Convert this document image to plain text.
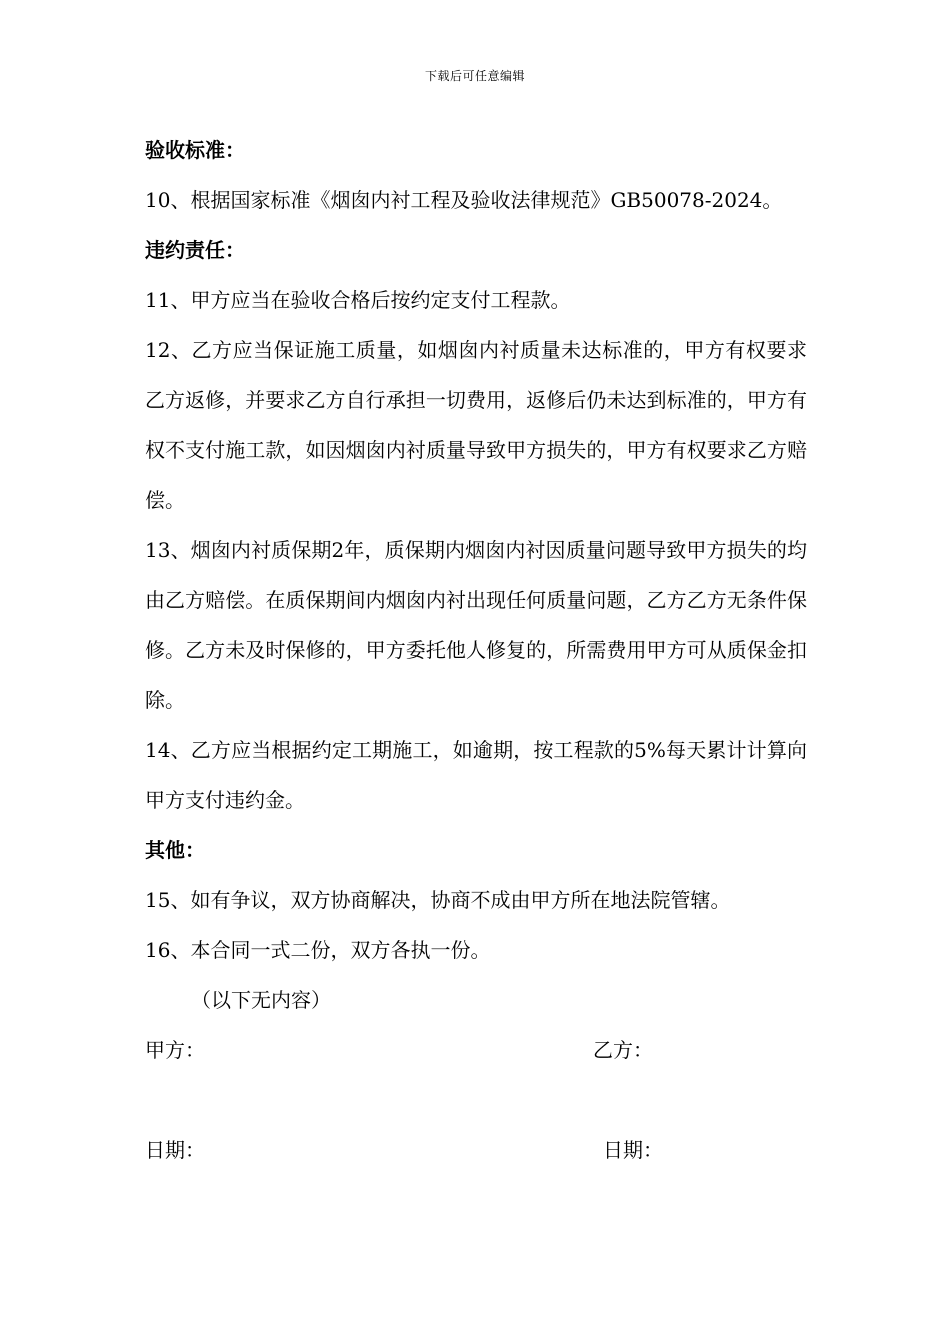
下载后可任意编辑

验收标准：

10、根据国家标准《烟囱内衬工程及验收法律规范》GB50078-2024。

违约责任：

11、甲方应当在验收合格后按约定支付工程款。

12、乙方应当保证施工质量，如烟囱内衬质量未达标准的，甲方有权要求乙方返修，并要求乙方自行承担一切费用，返修后仍未达到标准的，甲方有权不支付施工款，如因烟囱内衬质量导致甲方损失的，甲方有权要求乙方赔偿。

13、烟囱内衬质保期2年，质保期内烟囱内衬因质量问题导致甲方损失的均由乙方赔偿。在质保期间内烟囱内衬出现任何质量问题，乙方乙方无条件保修。乙方未及时保修的，甲方委托他人修复的，所需费用甲方可从质保金扣除。

14、乙方应当根据约定工期施工，如逾期，按工程款的5%每天累计计算向甲方支付违约金。

其他：

15、如有争议，双方协商解决，协商不成由甲方所在地法院管辖。

16、本合同一式二份，双方各执一份。

（以下无内容）

甲方：	乙方：
日期：	日期：
